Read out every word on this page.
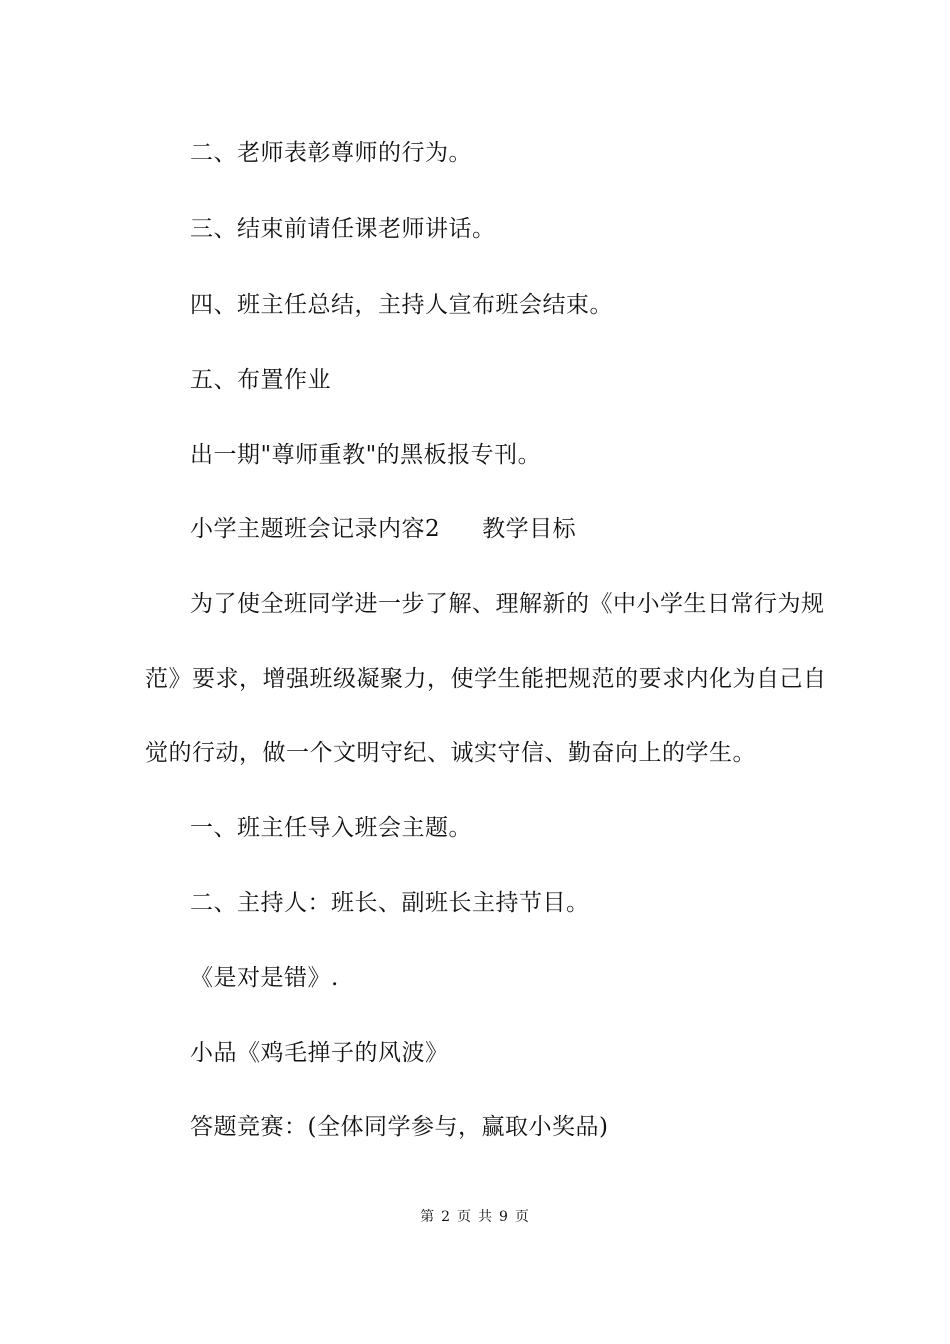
二、老师表彰尊师的行为。
三、结束前请任课老师讲话。
四、班主任总结，主持人宣布班会结束。
五、布置作业
出一期"尊师重教"的黑板报专刊。
小学主题班会记录内容2 教学目标
为了使全班同学进一步了解、理解新的《中小学生日常行为规
范》要求，增强班级凝聚力，使学生能把规范的要求内化为自己自
觉的行动，做一个文明守纪、诚实守信、勤奋向上的学生。
一、班主任导入班会主题。
二、主持人：班长、副班长主持节目。
《是对是错》.
小品《鸡毛掸子的风波》
答题竞赛：(全体同学参与，赢取小奖品)
第 2 页 共 9 页
